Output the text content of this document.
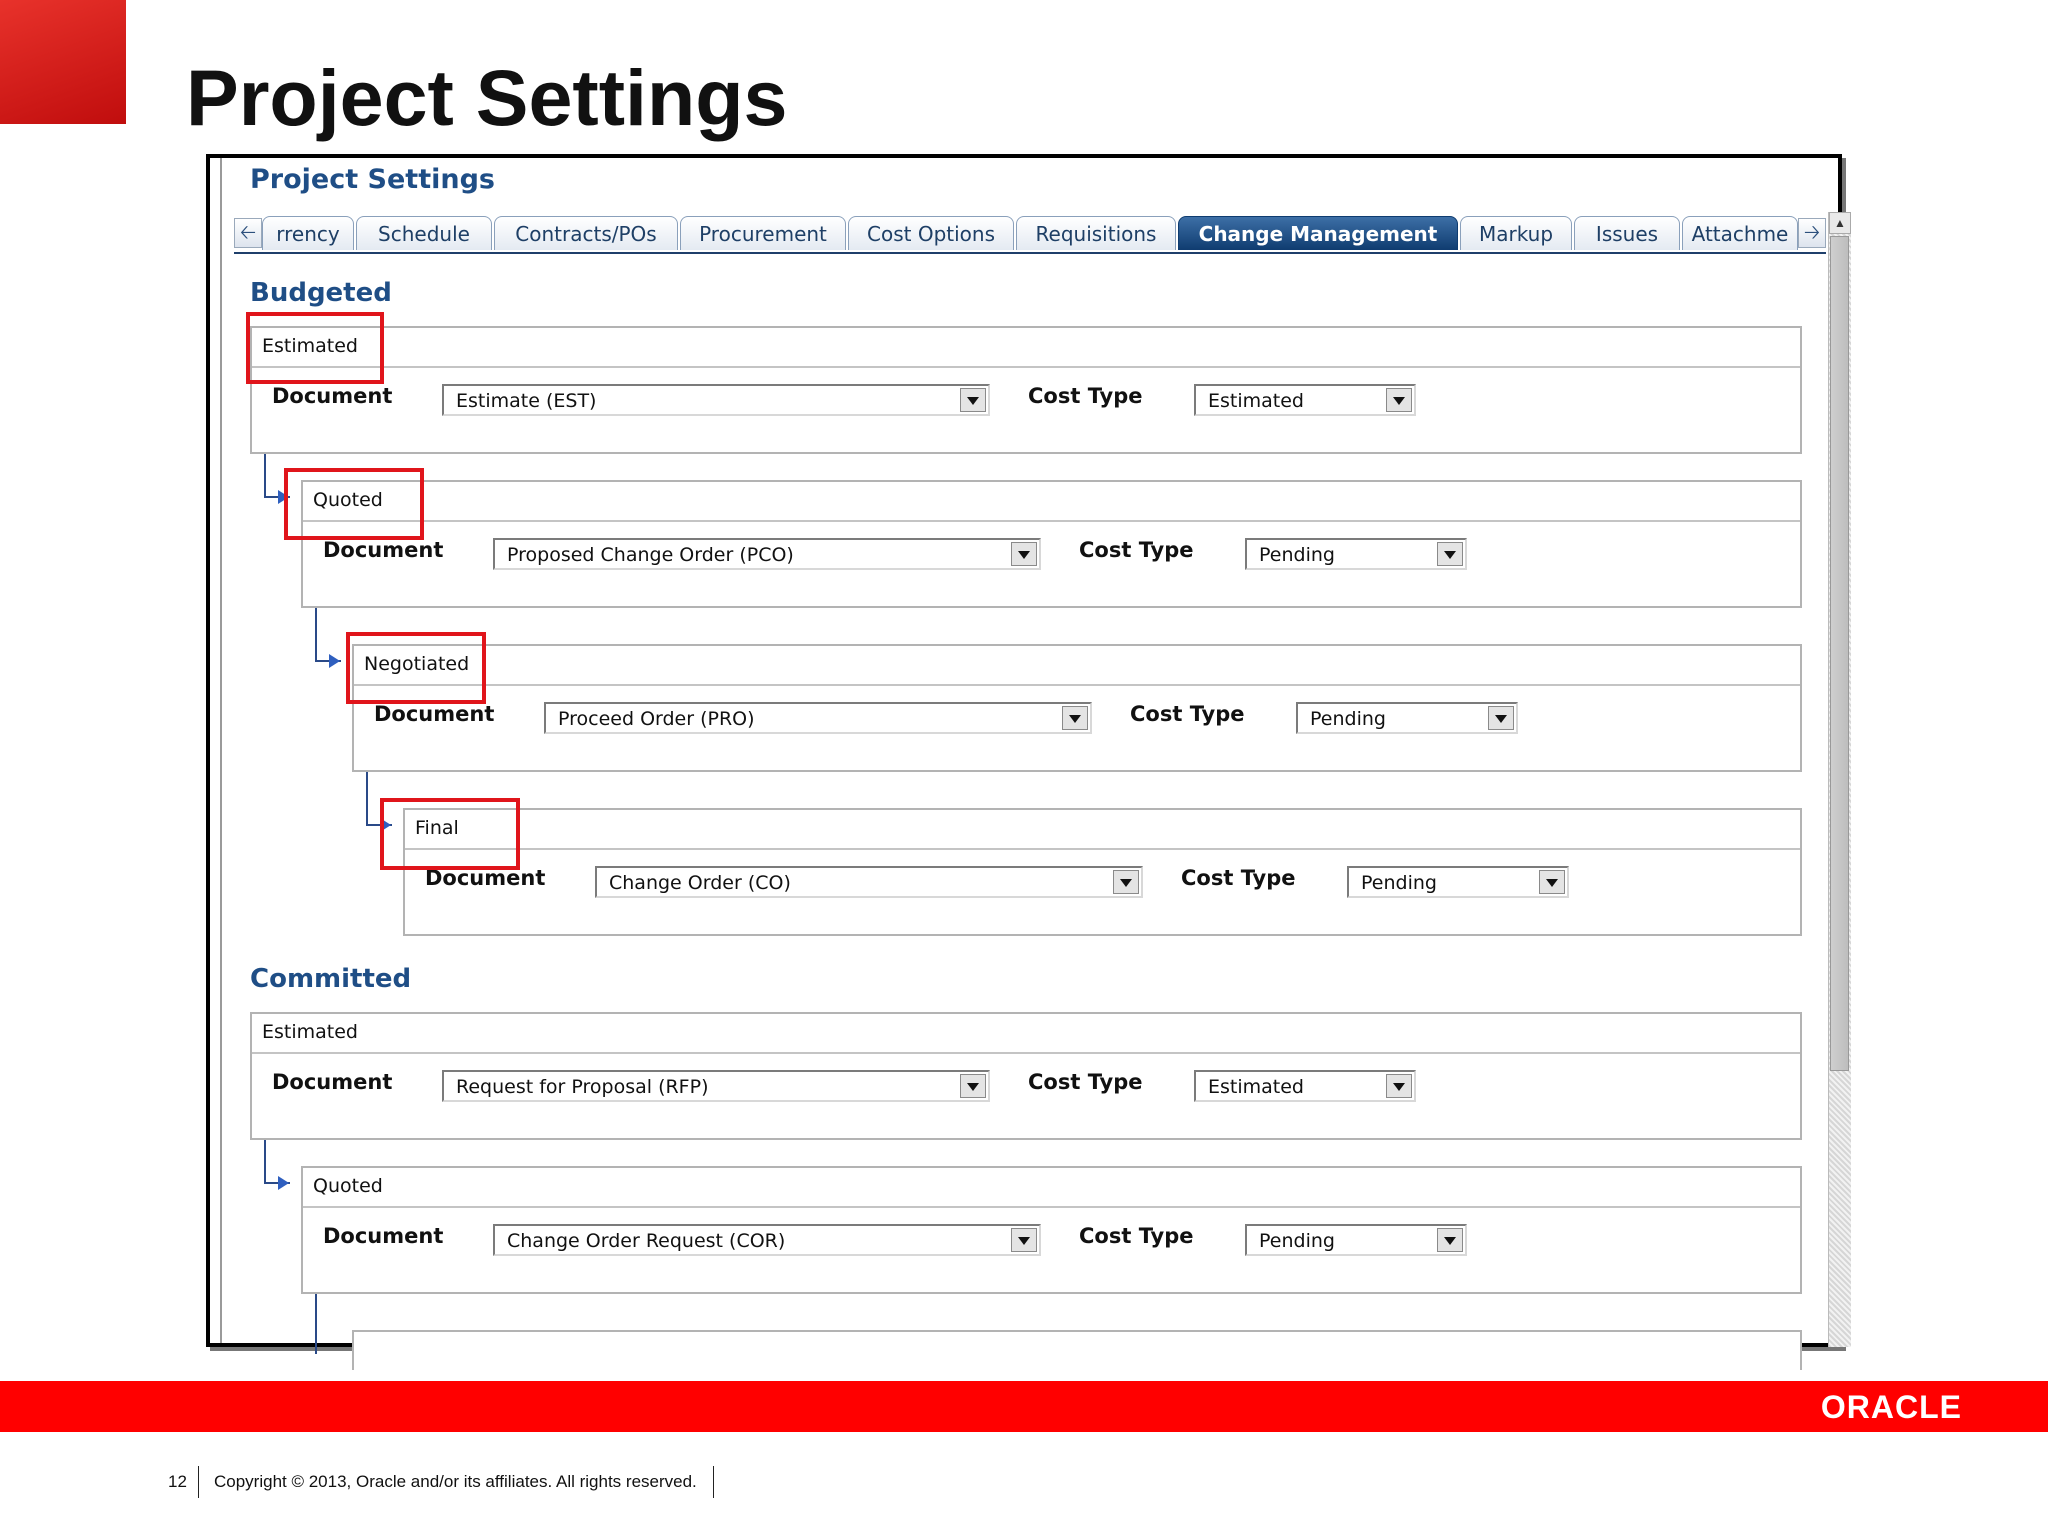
Project Settings
Project Settings
🡠	rrency	Schedule	Contracts/POs	Procurement	Cost Options	Requisitions	Change Management	Markup	Issues	Attachme 🡢	▲
Budgeted
Estimated
Document	Estimate (EST)	Cost Type	Estimated
Quoted
Document	Proposed Change Order (PCO)	Cost Type	Pending
Negotiated
Document	Proceed Order (PRO)	Cost Type	Pending
Final
Document	Change Order (CO)	Cost Type	Pending
Committed
Estimated
Document	Request for Proposal (RFP)	Cost Type	Estimated
Quoted
Document	Change Order Request (COR)	Cost Type	Pending
ORACLE
12 Copyright © 2013, Oracle and/or its affiliates. All rights reserved.
